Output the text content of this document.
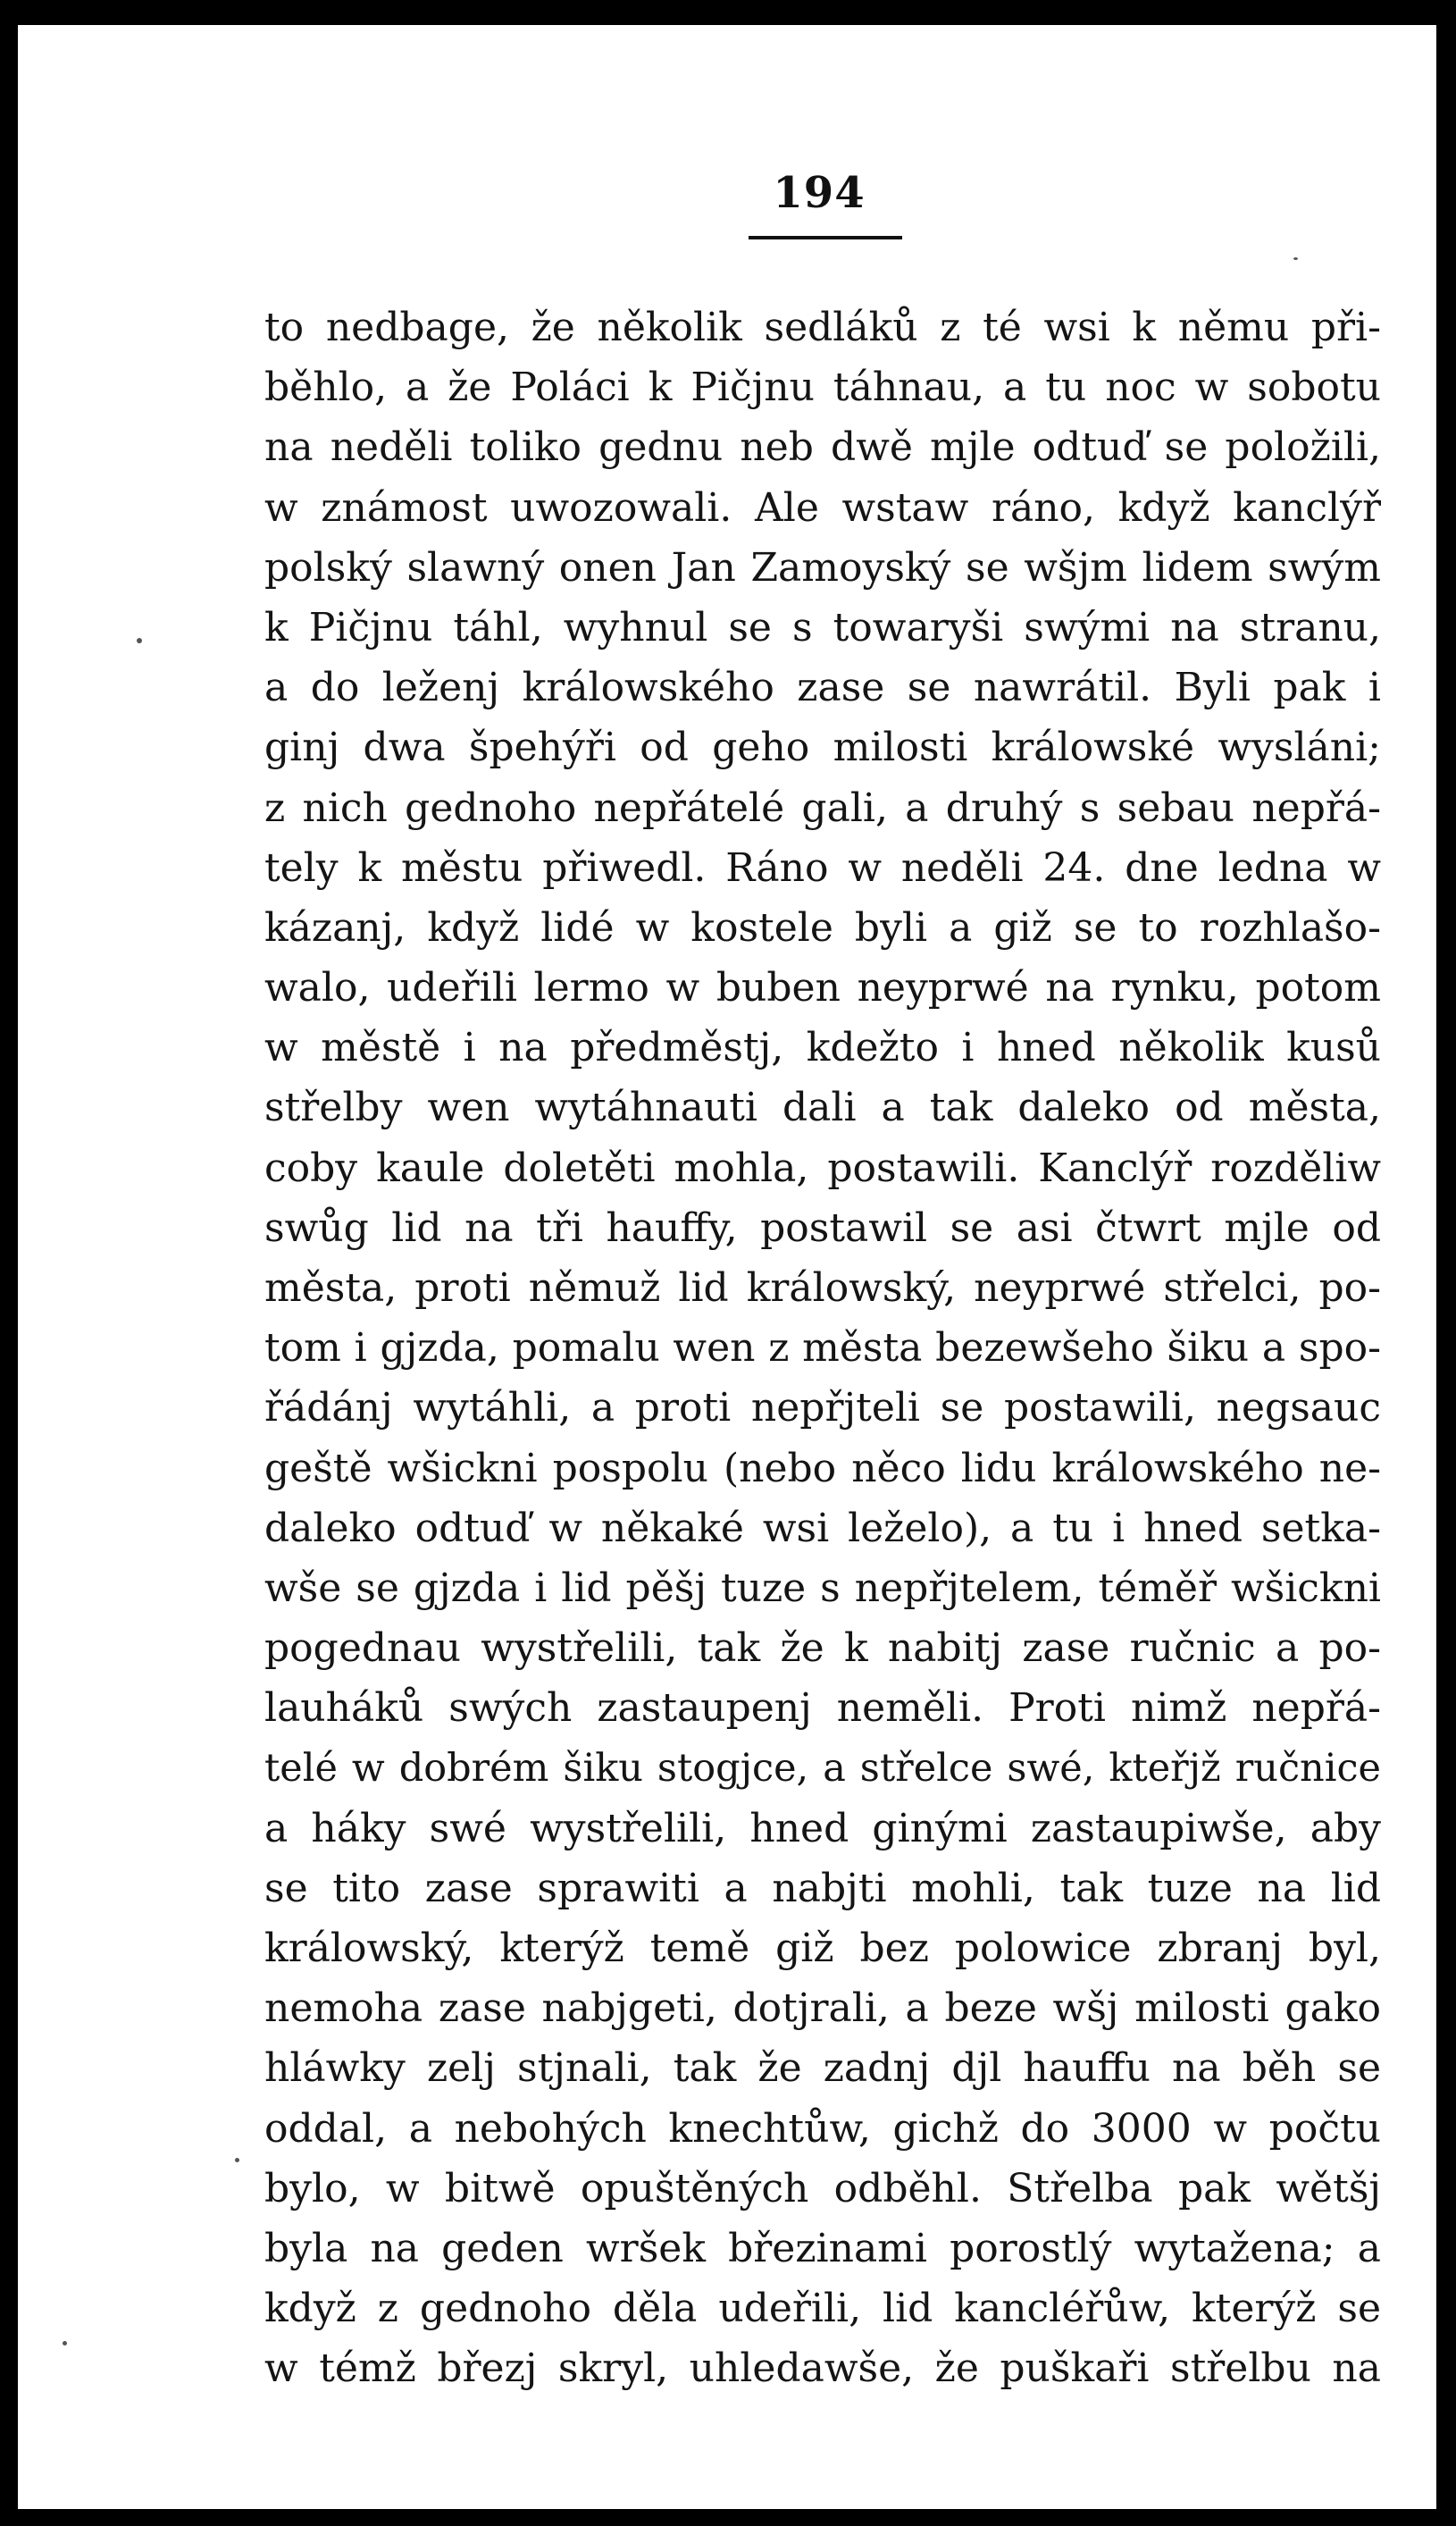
194
to nedbage, že několik sedláků z té wsi k němu při-
běhlo, a že Poláci k Pičjnu táhnau, a tu noc w sobotu
na neděli toliko gednu neb dwě mjle odtuď se položili,
w známost uwozowali. Ale wstaw ráno, když kanclýř
polský slawný onen Jan Zamoyský se wšjm lidem swým
k Pičjnu táhl, wyhnul se s towaryši swými na stranu,
a do leženj králowského zase se nawrátil. Byli pak i
ginj dwa špehýři od geho milosti králowské wysláni;
z nich gednoho nepřátelé gali, a druhý s sebau nepřá-
tely k městu přiwedl. Ráno w neděli 24. dne ledna w
kázanj, když lidé w kostele byli a giž se to rozhlašo-
walo, udeřili lermo w buben neyprwé na rynku, potom
w městě i na předměstj, kdežto i hned několik kusů
střelby wen wytáhnauti dali a tak daleko od města,
coby kaule doletěti mohla, postawili. Kanclýř rozděliw
swůg lid na tři hauffy, postawil se asi čtwrt mjle od
města, proti němuž lid králowský, neyprwé střelci, po-
tom i gjzda, pomalu wen z města bezewšeho šiku a spo-
řádánj wytáhli, a proti nepřjteli se postawili, negsauc
geště wšickni pospolu (nebo něco lidu králowského ne-
daleko odtuď w někaké wsi leželo), a tu i hned setka-
wše se gjzda i lid pěšj tuze s nepřjtelem, téměř wšickni
pogednau wystřelili, tak že k nabitj zase ručnic a po-
lauháků swých zastaupenj neměli. Proti nimž nepřá-
telé w dobrém šiku stogjce, a střelce swé, kteřjž ručnice
a háky swé wystřelili, hned ginými zastaupiwše, aby
se tito zase sprawiti a nabjti mohli, tak tuze na lid
králowský, kterýž temě giž bez polowice zbranj byl,
nemoha zase nabjgeti, dotjrali, a beze wšj milosti gako
hláwky zelj stjnali, tak že zadnj djl hauffu na běh se
oddal, a nebohých knechtůw, gichž do 3000 w počtu
bylo, w bitwě opuštěných odběhl. Střelba pak wětšj
byla na geden wršek březinami porostlý wytažena; a
když z gednoho děla udeřili, lid kancléřůw, kterýž se
w témž březj skryl, uhledawše, že puškaři střelbu na
